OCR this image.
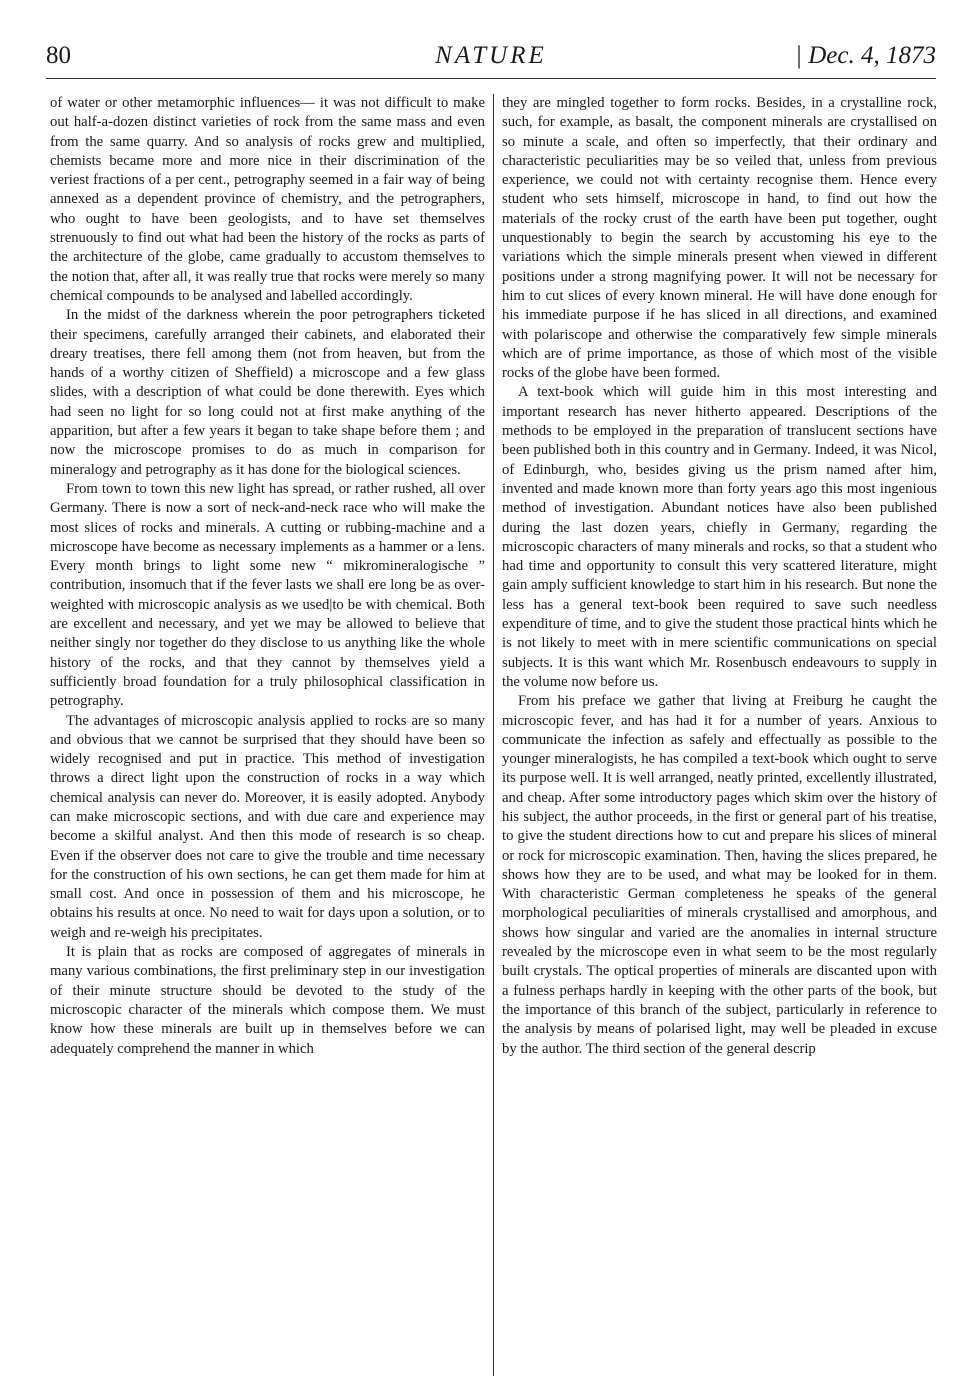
80	NATURE	| Dec. 4, 1873

of water or other metamorphic influences— it was not difficult to make out half-a-dozen distinct varieties of rock from the same mass and even from the same quarry. And so analysis of rocks grew and multiplied, chemists became more and more nice in their discrimination of the veriest fractions of a per cent., petrography seemed in a fair way of being annexed as a dependent province of chemistry, and the petrographers, who ought to have been geologists, and to have set themselves strenuously to find out what had been the history of the rocks as parts of the architecture of the globe, came gradually to accustom themselves to the notion that, after all, it was really true that rocks were merely so many chemical compounds to be analysed and labelled accordingly.

In the midst of the darkness wherein the poor petrographers ticketed their specimens, carefully arranged their cabinets, and elaborated their dreary treatises, there fell among them (not from heaven, but from the hands of a worthy citizen of Sheffield) a microscope and a few glass slides, with a description of what could be done therewith. Eyes which had seen no light for so long could not at first make anything of the apparition, but after a few years it began to take shape before them ; and now the microscope promises to do as much in comparison for mineralogy and petrography as it has done for the biological sciences.

From town to town this new light has spread, or rather rushed, all over Germany. There is now a sort of neck-and-neck race who will make the most slices of rocks and minerals. A cutting or rubbing-machine and a microscope have become as necessary implements as a hammer or a lens. Every month brings to light some new “ mikromineralogische ” contribution, insomuch that if the fever lasts we shall ere long be as over-weighted with microscopic analysis as we used|to be with chemical. Both are excellent and necessary, and yet we may be allowed to believe that neither singly nor together do they disclose to us anything like the whole history of the rocks, and that they cannot by themselves yield a sufficiently broad foundation for a truly philosophical classification in petrography.

The advantages of microscopic analysis applied to rocks are so many and obvious that we cannot be surprised that they should have been so widely recognised and put in practice. This method of investigation throws a direct light upon the construction of rocks in a way which chemical analysis can never do. Moreover, it is easily adopted. Anybody can make microscopic sections, and with due care and experience may become a skilful analyst. And then this mode of research is so cheap. Even if the observer does not care to give the trouble and time necessary for the construction of his own sections, he can get them made for him at small cost. And once in possession of them and his microscope, he obtains his results at once. No need to wait for days upon a solution, or to weigh and re-weigh his precipitates.

It is plain that as rocks are composed of aggregates of minerals in many various combinations, the first preliminary step in our investigation of their minute structure should be devoted to the study of the microscopic character of the minerals which compose them. We must know how these minerals are built up in themselves before we can adequately comprehend the manner in which

they are mingled together to form rocks. Besides, in a crystalline rock, such, for example, as basalt, the component minerals are crystallised on so minute a scale, and often so imperfectly, that their ordinary and characteristic peculiarities may be so veiled that, unless from previous experience, we could not with certainty recognise them. Hence every student who sets himself, microscope in hand, to find out how the materials of the rocky crust of the earth have been put together, ought unquestionably to begin the search by accustoming his eye to the variations which the simple minerals present when viewed in different positions under a strong magnifying power. It will not be necessary for him to cut slices of every known mineral. He will have done enough for his immediate purpose if he has sliced in all directions, and examined with polariscope and otherwise the comparatively few simple minerals which are of prime importance, as those of which most of the visible rocks of the globe have been formed.

A text-book which will guide him in this most interesting and important research has never hitherto appeared. Descriptions of the methods to be employed in the preparation of translucent sections have been published both in this country and in Germany. Indeed, it was Nicol, of Edinburgh, who, besides giving us the prism named after him, invented and made known more than forty years ago this most ingenious method of investigation. Abundant notices have also been published during the last dozen years, chiefly in Germany, regarding the microscopic characters of many minerals and rocks, so that a student who had time and opportunity to consult this very scattered literature, might gain amply sufficient knowledge to start him in his research. But none the less has a general text-book been required to save such needless expenditure of time, and to give the student those practical hints which he is not likely to meet with in mere scientific communications on special subjects. It is this want which Mr. Rosenbusch endeavours to supply in the volume now before us.

From his preface we gather that living at Freiburg he caught the microscopic fever, and has had it for a number of years. Anxious to communicate the infection as safely and effectually as possible to the younger mineralogists, he has compiled a text-book which ought to serve its purpose well. It is well arranged, neatly printed, excellently illustrated, and cheap. After some introductory pages which skim over the history of his subject, the author proceeds, in the first or general part of his treatise, to give the student directions how to cut and prepare his slices of mineral or rock for microscopic examination. Then, having the slices prepared, he shows how they are to be used, and what may be looked for in them. With characteristic German completeness he speaks of the general morphological peculiarities of minerals crystallised and amorphous, and shows how singular and varied are the anomalies in internal structure revealed by the microscope even in what seem to be the most regularly built crystals. The optical properties of minerals are discanted upon with a fulness perhaps hardly in keeping with the other parts of the book, but the importance of this branch of the subject, particularly in reference to the analysis by means of polarised light, may well be pleaded in excuse by the author. The third section of the general descrip
